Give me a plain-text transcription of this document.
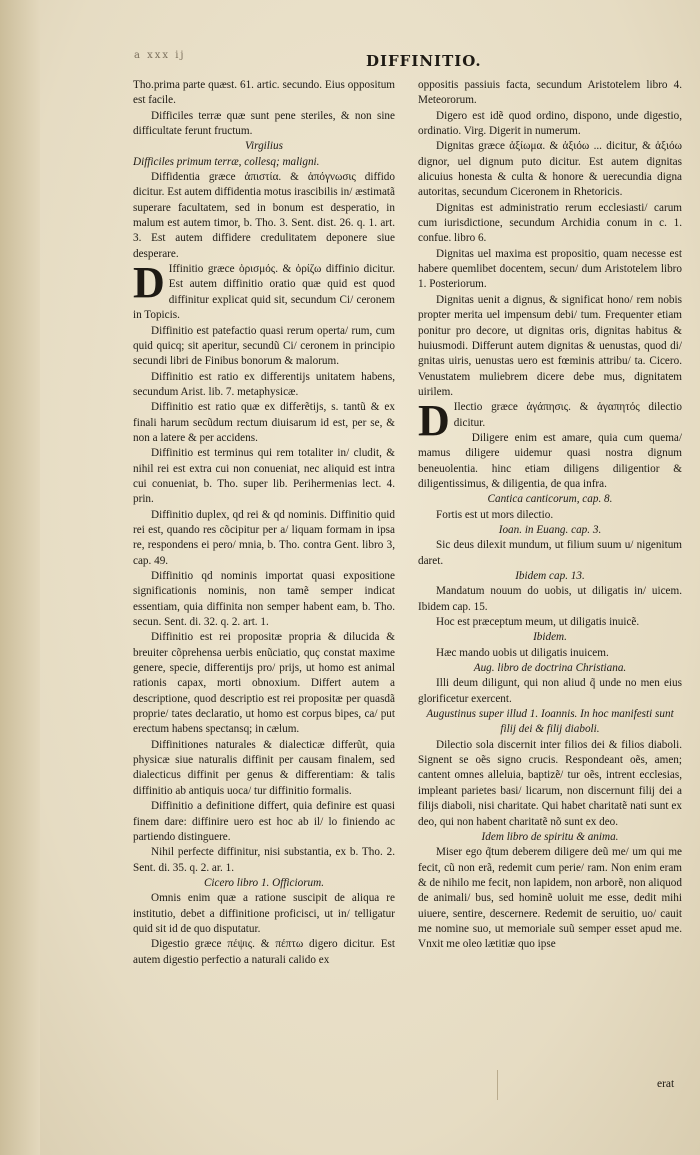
a xxx ij	DIFFINITIO.

Tho.prima parte quæst. 61. artic. secundo. Eius oppositum est facile.

Difficiles terræ quæ sunt pene steriles, & non sine difficultate ferunt fructum.

Virgilius

Difficiles primum terræ, collesq; maligni.

Diffidentia græce ἀπιστία. & ἀπόγνωσις diffido dicitur. Est autem diffidentia motus irascibilis in/ æstimatã superare facultatem, sed in bonum est desperatio, in malum est autem timor, b. Tho. 3. Sent. dist. 26. q. 1. art. 3. Est autem diffidere credulitatem deponere siue desperare.

D Iffinitio græce ὁρισμός. & ὁρίζω diffinio dicitur. Est autem diffinitio oratio quæ quid est quod diffinitur explicat quid sit, secundum Ci/ ceronem in Topicis.

Diffinitio est patefactio quasi rerum operta/ rum, cum quid quicq; sit aperitur, secundũ Ci/ ceronem in principio secundi libri de Finibus bonorum & malorum.

Diffinitio est ratio ex differentijs unitatem habens, secundum Arist. lib. 7. metaphysicæ.

Diffinitio est ratio quæ ex differẽtijs, s. tantũ & ex finali harum secũdum rectum diuisarum id est, per se, & non a latere & per accidens.

Diffinitio est terminus qui rem totaliter in/ cludit, & nihil rei est extra cui non conueniat, nec aliquid est intra cui conueniat, b. Tho. super lib. Perihermenias lect. 4. prin.

Diffinitio duplex, qd rei & qd nominis. Diffinitio quid rei est, quando res cõcipitur per a/ liquam formam in ipsa re, respondens ei pero/ mnia, b. Tho. contra Gent. libro 3, cap. 49.

Diffinitio qd nominis importat quasi expositione significationis nominis, non tamẽ semper indicat essentiam, quia diffinita non semper habent eam, b. Tho. secun. Sent. di. 32. q. 2. art. 1.

Diffinitio est rei propositæ propria & dilucida & breuiter cõprehensa uerbis enũciatio, quç constat maxime genere, specie, differentijs pro/ prijs, ut homo est animal rationis capax, morti obnoxium. Differt autem a descriptione, quod descriptio est rei propositæ per quasdã proprie/ tates declaratio, ut homo est corpus bipes, ca/ put erectum habens spectansq; in cælum.

Diffinitiones naturales & dialecticæ differũt, quia physicæ siue naturalis diffinit per causam finalem, sed dialecticus diffinit per genus & differentiam: & talis diffinitio ab antiquis uoca/ tur diffinitio formalis.

Diffinitio a definitione differt, quia definire est quasi finem dare: diffinire uero est hoc ab il/ lo finiendo ac partiendo distinguere.

Nihil perfecte diffinitur, nisi substantia, ex b. Tho. 2. Sent. di. 35. q. 2. ar. 1.

Cicero libro 1. Officiorum.

Omnis enim quæ a ratione suscipit de aliqua re institutio, debet a diffinitione proficisci, ut in/ telligatur quid sit id de quo disputatur.

Digestio græce πέψις. & πέπτω digero dicitur. Est autem digestio perfectio a naturali calido ex

oppositis passiuis facta, secundum Aristotelem libro 4. Meteororum.

Digero est idẽ quod ordino, dispono, unde digestio, ordinatio. Virg. Digerit in numerum.

Dignitas græce ἀξίωμα. & ἀξιόω ... dicitur, & ἀξιόω dignor, uel dignum puto dicitur. Est autem dignitas alicuius honesta & culta & honore & uerecundia digna autoritas, secundum Ciceronem in Rhetoricis.

Dignitas est administratio rerum ecclesiasti/ carum cum iurisdictione, secundum Archidia conum in c. 1. confue. libro 6.

Dignitas uel maxima est propositio, quam necesse est habere quemlibet docentem, secun/ dum Aristotelem libro 1. Posteriorum.

Dignitas uenit a dignus, & significat hono/ rem nobis propter merita uel impensum debi/ tum. Frequenter etiam ponitur pro decore, ut dignitas oris, dignitas habitus & huiusmodi. Differunt autem dignitas & uenustas, quod di/ gnitas uiris, uenustas uero est fœminis attribu/ ta. Cicero. Venustatem muliebrem dicere debe mus, dignitatem uirilem.

D Ilectio græce ἀγάπησις. & ἀγαπητός dilectio dicitur.

Diligere enim est amare, quia cum quema/ mamus diligere uidemur quasi nostra dignum beneuolentia. hinc etiam diligens diligentior & diligentissimus, & diligentia, de qua infra.

Cantica canticorum, cap. 8.

Fortis est ut mors dilectio.

Ioan. in Euang. cap. 3.

Sic deus dilexit mundum, ut filium suum u/ nigenitum daret.

Ibidem cap. 13.

Mandatum nouum do uobis, ut diligatis in/ uicem. Ibidem cap. 15.

Hoc est præceptum meum, ut diligatis inuicẽ.

Ibidem.

Hæc mando uobis ut diligatis inuicem.

Aug. libro de doctrina Christiana.

Illi deum diligunt, qui non aliud q̃ unde no men eius glorificetur exercent.

Augustinus super illud 1. Ioannis. In hoc manifesti sunt filij dei & filij diaboli.

Dilectio sola discernit inter filios dei & filios diaboli. Signent se oẽs signo crucis. Respondeant oẽs, amen; cantent omnes alleluia, baptizẽ/ tur oẽs, intrent ecclesias, impleant parietes basi/ licarum, non discernunt filij dei a filijs diaboli, nisi charitate. Qui habet charitatẽ nati sunt ex deo, qui non habent charitatẽ nõ sunt ex deo.

Idem libro de spiritu & anima.

Miser ego q̃tum deberem diligere deũ me/ um qui me fecit, cũ non erã, redemit cum perie/ ram. Non enim eram & de nihilo me fecit, non lapidem, non arborẽ, non aliquod de animali/ bus, sed hominẽ uoluit me esse, dedit mihi uiuere, sentire, descernere. Redemit de seruitio, uo/ cauit me nomine suo, ut memoriale suũ semper esset apud me. Vnxit me oleo lætitiæ quo ipse

erat
